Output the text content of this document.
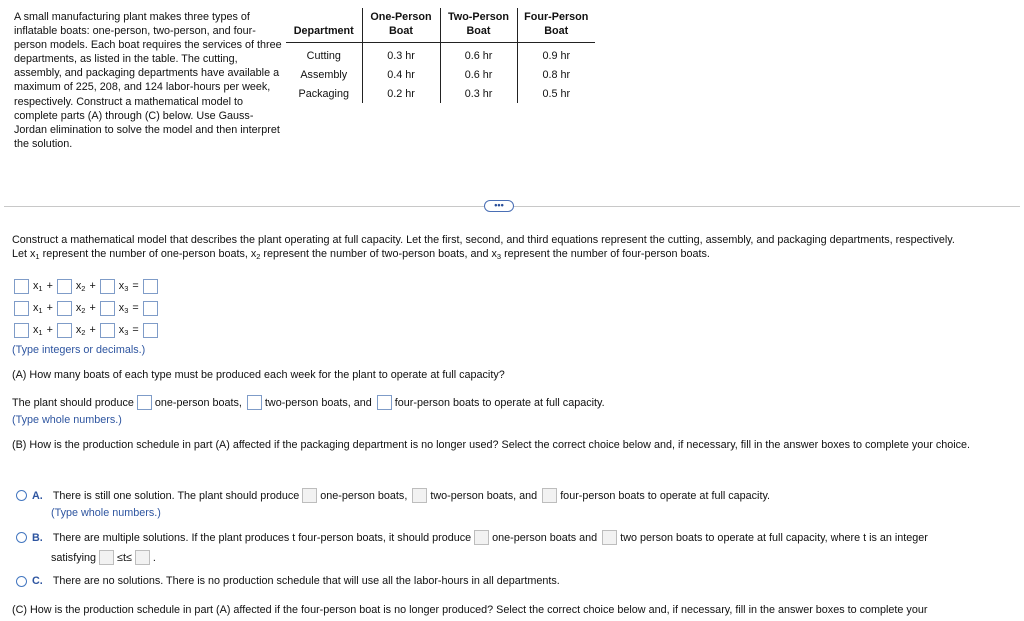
A small manufacturing plant makes three types of inflatable boats: one-person, two-person, and four-person models. Each boat requires the services of three departments, as listed in the table. The cutting, assembly, and packaging departments have available a maximum of 225, 208, and 124 labor-hours per week, respectively. Construct a mathematical model to complete parts (A) through (C) below. Use Gauss-Jordan elimination to solve the model and then interpret the solution.
Department	One-Person Boat	Two-Person Boat	Four-Person Boat
Cutting	0.3 hr	0.6 hr	0.9 hr
Assembly	0.4 hr	0.6 hr	0.8 hr
Packaging	0.2 hr	0.3 hr	0.5 hr
•••
Construct a mathematical model that describes the plant operating at full capacity. Let the first, second, and third equations represent the cutting, assembly, and packaging departments, respectively.
Let $x_1$ represent the number of one-person boats, $x_2$ represent the number of two-person boats, and $x_3$ represent the number of four-person boats.
$x_1 + x_2 + x_3$ =
$x_1 + x_2 + x_3$ =
$x_1 + x_2 + x_3$ =
(Type integers or decimals.)
(A) How many boats of each type must be produced each week for the plant to operate at full capacity?
The plant should produce one-person boats, two-person boats, and four-person boats to operate at full capacity.
(Type whole numbers.)
(B) How is the production schedule in part (A) affected if the packaging department is no longer used? Select the correct choice below and, if necessary, fill in the answer boxes to complete your choice.
A. There is still one solution. The plant should produce one-person boats, two-person boats, and four-person boats to operate at full capacity.
(Type whole numbers.)
B. There are multiple solutions. If the plant produces t four-person boats, it should produce one-person boats and two person boats to operate at full capacity, where t is an integer
satisfying ≤t≤ .
C. There are no solutions. There is no production schedule that will use all the labor-hours in all departments.
(C) How is the production schedule in part (A) affected if the four-person boat is no longer produced? Select the correct choice below and, if necessary, fill in the answer boxes to complete your
